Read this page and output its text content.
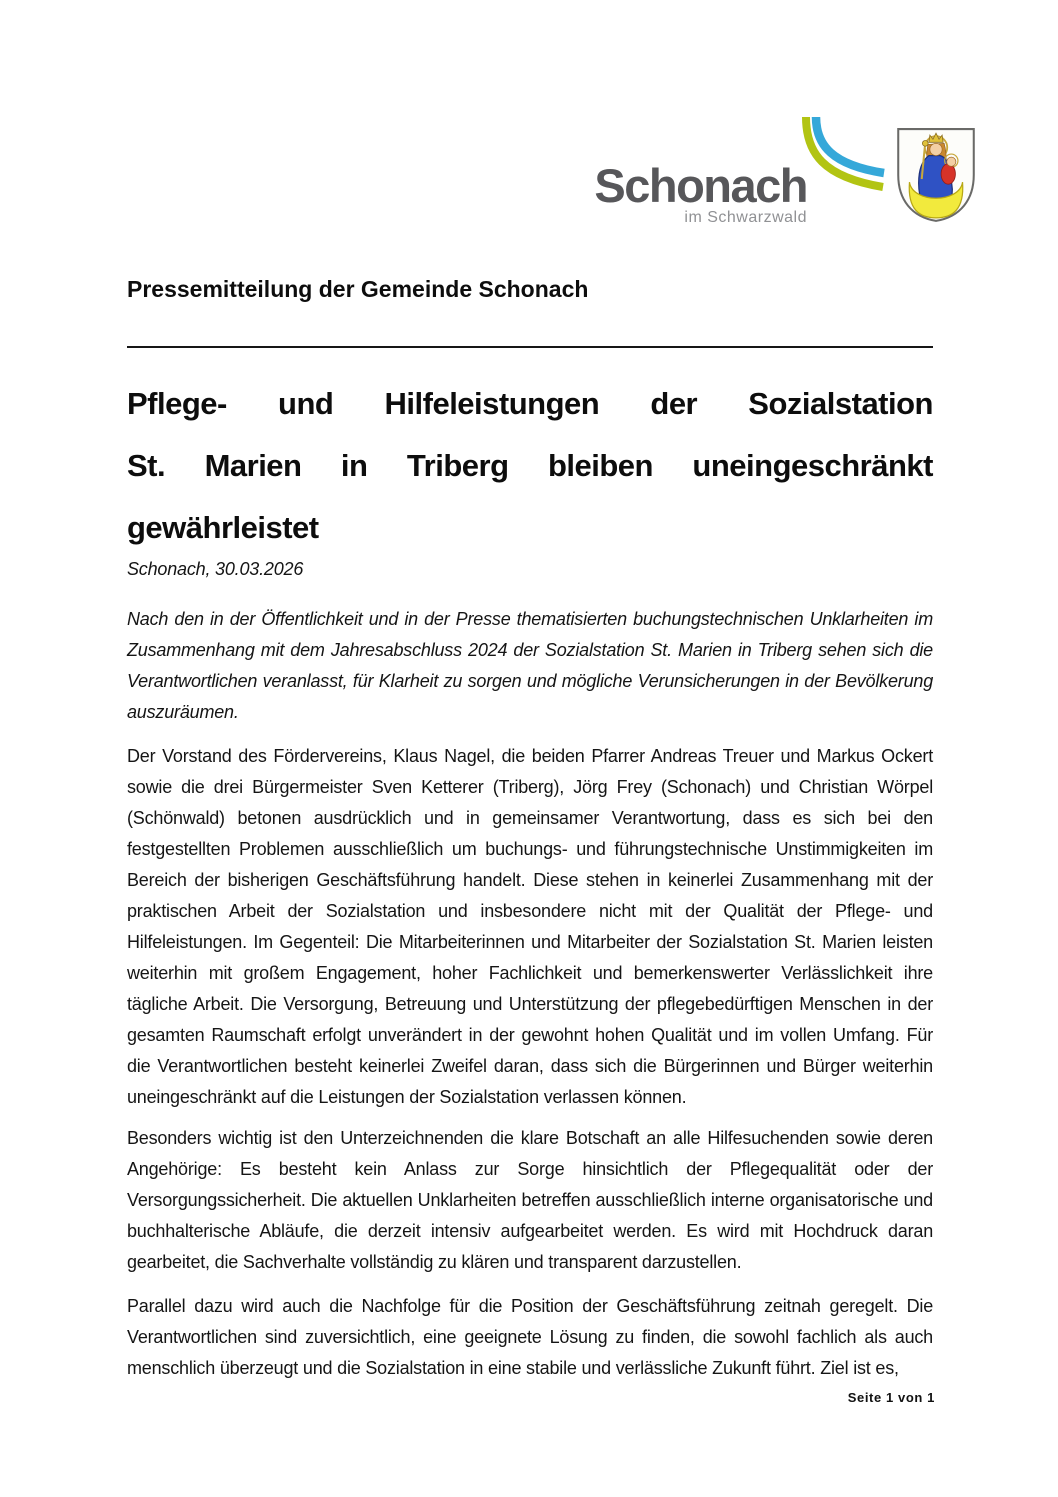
Schonach
im Schwarzwald
Pressemitteilung der Gemeinde Schonach
Pflege- und Hilfeleistungen der Sozialstation
St. Marien in Triberg bleiben uneingeschränkt
gewährleistet
Schonach, 30.03.2026

Nach den in der Öffentlichkeit und in der Presse thematisierten buchungstechnischen Unklarheiten im Zusammenhang mit dem Jahresabschluss 2024 der Sozialstation St. Marien in Triberg sehen sich die Verantwortlichen veranlasst, für Klarheit zu sorgen und mögliche Verunsicherungen in der Bevölkerung auszuräumen.

Der Vorstand des Fördervereins, Klaus Nagel, die beiden Pfarrer Andreas Treuer und Markus Ockert sowie die drei Bürgermeister Sven Ketterer (Triberg), Jörg Frey (Schonach) und Christian Wörpel (Schönwald) betonen ausdrücklich und in gemeinsamer Verantwortung, dass es sich bei den festgestellten Problemen ausschließlich um buchungs- und führungstechnische Unstimmigkeiten im Bereich der bisherigen Geschäftsführung handelt. Diese stehen in keinerlei Zusammenhang mit der praktischen Arbeit der Sozialstation und insbesondere nicht mit der Qualität der Pflege- und Hilfeleistungen. Im Gegenteil: Die Mitarbeiterinnen und Mitarbeiter der Sozialstation St. Marien leisten weiterhin mit großem Engagement, hoher Fachlichkeit und bemerkenswerter Verlässlichkeit ihre tägliche Arbeit. Die Versorgung, Betreuung und Unterstützung der pflegebedürftigen Menschen in der gesamten Raumschaft erfolgt unverändert in der gewohnt hohen Qualität und im vollen Umfang. Für die Verantwortlichen besteht keinerlei Zweifel daran, dass sich die Bürgerinnen und Bürger weiterhin uneingeschränkt auf die Leistungen der Sozialstation verlassen können.

Besonders wichtig ist den Unterzeichnenden die klare Botschaft an alle Hilfesuchenden sowie deren Angehörige: Es besteht kein Anlass zur Sorge hinsichtlich der Pflegequalität oder der Versorgungssicherheit. Die aktuellen Unklarheiten betreffen ausschließlich interne organisatorische und buchhalterische Abläufe, die derzeit intensiv aufgearbeitet werden. Es wird mit Hochdruck daran gearbeitet, die Sachverhalte vollständig zu klären und transparent darzustellen.

Parallel dazu wird auch die Nachfolge für die Position der Geschäftsführung zeitnah geregelt. Die Verantwortlichen sind zuversichtlich, eine geeignete Lösung zu finden, die sowohl fachlich als auch menschlich überzeugt und die Sozialstation in eine stabile und verlässliche Zukunft führt. Ziel ist es,

Seite 1 von 1
